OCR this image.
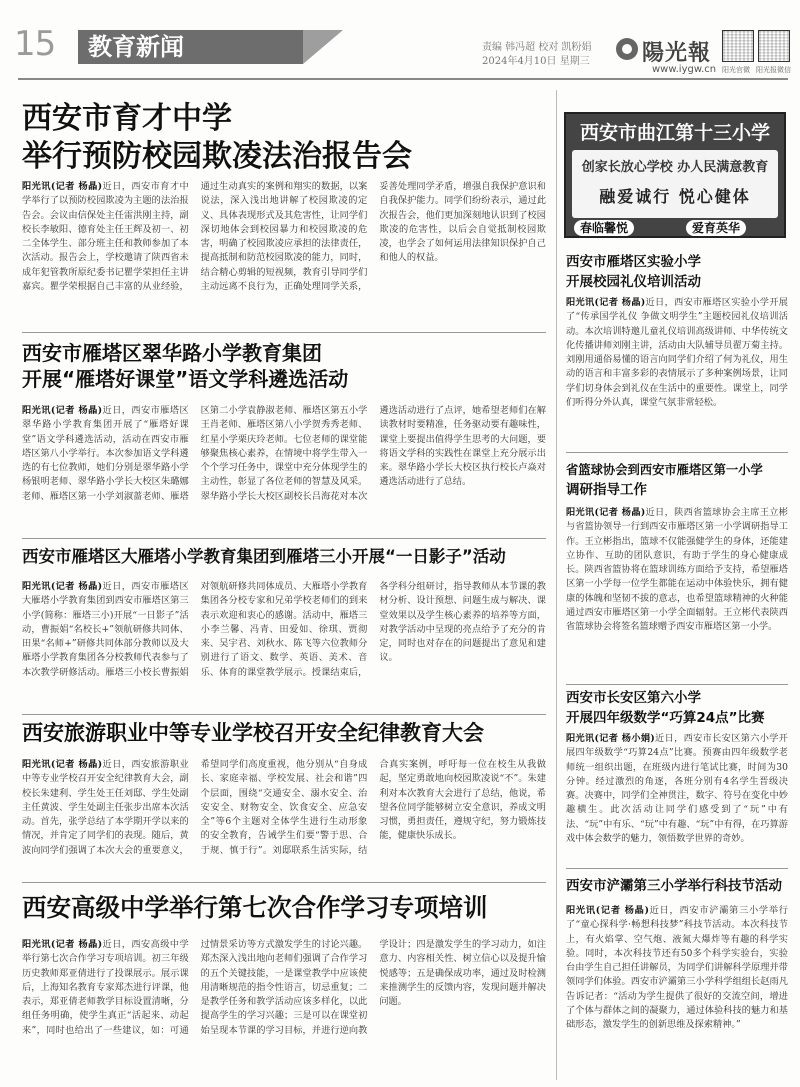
15	教育新闻	责编 韩冯超 校对 凯粉娟
2024年4月10日 星期三 陽光報
www.iygw.cn 阳光官微 阳光报微信
西安市育才中学
举行预防校园欺凌法治报告会
阳光讯(记者 杨晶)近日，西安市育才中学举行了以预防校园欺凌为主题的法治报告会。会议由信保处主任雷洪刚主持，副校长李敏阳、德育处主任王辉及初一、初二全体学生、部分班主任和教师参加了本次活动。报告会上，学校邀请了陕西省未成年犯管教所原纪委书记瞿学荣担任主讲嘉宾。瞿学荣根据自己丰富的从业经验，通过生动真实的案例和翔实的数据，以案说法，深入浅出地讲解了校园欺凌的定义、具体表现形式及其危害性，让同学们深切地体会到校园暴力和校园欺凌的危害，明确了校园欺凌应承担的法律责任，提高抵制和防范校园欺凌的能力，同时，结合精心剪辑的短视频，教育引导同学们主动远离不良行为，正确处理同学关系，妥善处理同学矛盾，增强自我保护意识和自我保护能力。同学们纷纷表示，通过此次报告会，他们更加深刻地认识到了校园欺凌的危害性，以后会自觉抵制校园欺凌，也学会了如何运用法律知识保护自己和他人的权益。
西安市雁塔区翠华路小学教育集团
开展“雁塔好课堂”语文学科遴选活动
阳光讯(记者 杨晶)近日，西安市雁塔区翠华路小学教育集团开展了“雁塔好课堂”语文学科遴选活动，活动在西安市雁塔区第八小学举行。本次参加语文学科遴选的有七位教师，她们分别是翠华路小学杨银明老师、翠华路小学长大校区朱璐娜老师、雁塔区第一小学刘淑蔷老师、雁塔区第二小学袁静淑老师、雁塔区第五小学王肖老师、雁塔区第八小学贺秀秀老师、红星小学栗庆玲老师。七位老师的课堂能够聚焦核心素养，在情境中将学生带入一个个学习任务中，课堂中充分体现学生的主动性，彰显了各位老师的智慧及风采。翠华路小学长大校区副校长吕海花对本次遴选活动进行了点评，她希望老师们在解读教材时要精准，任务驱动要有趣味性，课堂上要提出值得学生思考的大问题，要将语文学科的实践性在课堂上充分展示出来。翠华路小学长大校区执行校长卢焱对遴选活动进行了总结。
西安市雁塔区大雁塔小学教育集团到雁塔三小开展“一日影子”活动
阳光讯(记者 杨晶)近日，西安市雁塔区大雁塔小学教育集团到西安市雁塔区第三小学(简称：雁塔三小)开展“一日影子”活动，曹振娟“名校长+”领航研修共同体、田果“名师+”研修共同体部分教师以及大雁塔小学教育集团各分校教师代表参与了本次教学研修活动。雁塔三小校长曹振娟对领航研修共同体成员、大雁塔小学教育集团各分校专家和兄弟学校老师们的到来表示欢迎和衷心的感谢。活动中，雁塔三小李兰馨、冯青、田爱如、徐琪、贾彻来、吴宇君、刘秋水、陈飞等六位教师分别进行了语文、数学、英语、美术、音乐、体育的课堂教学展示。授课结束后，各学科分组研讨，指导教师从本节课的教材分析、设计预想、问题生成与解决、课堂效果以及学生核心素养的培养等方面，对教学活动中呈现的亮点给予了充分的肯定，同时也对存在的问题提出了意见和建议。
西安旅游职业中等专业学校召开安全纪律教育大会
阳光讯(记者 杨晶)近日，西安旅游职业中等专业学校召开安全纪律教育大会，副校长朱建利、学生处王任刘邸、学生处副主任黄波、学生处副主任张步出席本次活动。首先，张学总结了本学期开学以来的情况，并肯定了同学们的表现。随后，黄波向同学们强调了本次大会的重要意义，希望同学们高度重视，他分别从“自身成长、家庭幸福、学校发展、社会和谐”四个层面，围绕“交通安全、溺水安全、治安安全、财物安全、饮食安全、应急安全”等6个主题对全体学生进行生动形象的安全教育，告诫学生们要“警于思、合于规、慎于行”。刘邸联系生活实际，结合真实案例，呼吁每一位在校生从我做起，坚定勇敢地向校园欺凌说“不”。朱建利对本次教育大会进行了总结，他说，希望各位同学能够树立安全意识，养成文明习惯，勇担责任，遵规守纪，努力锻炼技能，健康快乐成长。
西安高级中学举行第七次合作学习专项培训
阳光讯(记者 杨晶)近日，西安高级中学举行第七次合作学习专项培训。初三年级历史教师郑亚倩进行了投课展示。展示课后，上海知名教育专家郑杰进行评课，他表示，郑亚倩老师教学目标设置清晰，分组任务明确，使学生真正“活起来、动起来”，同时也给出了一些建议，如：可通过情景采访等方式激发学生的讨论兴趣。郑杰深入浅出地向老师们强调了合作学习的五个关键技能，一是课堂教学中应该使用清晰规范的指令性语言，切忌重复；二是教学任务和教学活动应该多样化，以此提高学生的学习兴趣；三是可以在课堂初始呈现本节课的学习目标，并进行逆向教学设计；四是激发学生的学习动力，如注意力、内容相关性、树立信心以及提升愉悦感等；五是确保成功率，通过及时检测来推测学生的反馈内容，发现问题并解决问题。
西安市曲江第十三小学
创家长放心学校 办人民满意教育
融爱诚行 悦心健体
春临馨悦	爱育英华
西安市雁塔区实验小学
开展校园礼仪培训活动
阳光讯(记者 杨晶)近日，西安市雁塔区实验小学开展了“传承国学礼仪 争做文明学生”主题校园礼仪培训活动。本次培训特邀儿童礼仪培训高级讲师、中华传统文化传播讲师刘刚主讲，活动由大队辅导员翟万菊主持。刘刚用通俗易懂的语言向同学们介绍了何为礼仪，用生动的语言和丰富多彩的表情展示了多种案例场景，让同学们切身体会到礼仪在生活中的重要性。课堂上，同学们听得分外认真，课堂气氛非常轻松。
省篮球协会到西安市雁塔区第一小学
调研指导工作
阳光讯(记者 杨晶)近日，陕西省篮球协会主席王立彬与省篮协领导一行到西安市雁塔区第一小学调研指导工作。王立彬指出，篮球不仅能强健学生的身体，还能建立协作、互助的团队意识，有助于学生的身心健康成长。陕西省篮协将在篮球训练方面给予支持，希望雁塔区第一小学每一位学生都能在运动中体验快乐，拥有健康的体魄和坚韧不拔的意志，也希望篮球精神的火种能通过西安市雁塔区第一小学全面辐射。王立彬代表陕西省篮球协会将签名篮球赠予西安市雁塔区第一小学。
西安市长安区第六小学
开展四年级数学“巧算24点”比赛
阳光讯(记者 杨小娟)近日，西安市长安区第六小学开展四年级数学“巧算24点”比赛。预赛由四年级数学老师统一组织出题，在班级内进行笔试比赛，时间为30分钟。经过激烈的角逐，各班分别有4名学生晋级决赛。决赛中，同学们全神贯注，数字、符号在变化中妙趣横生。此次活动让同学们感受到了“玩”中有法、“玩”中有乐、“玩”中有趣、“玩”中有得，在巧算游戏中体会数学的魅力，领悟数学世界的奇妙。
西安市浐灞第三小学举行科技节活动
阳光讯(记者 杨晶)近日，西安市浐灞第三小学举行了“童心探科学·畅想科技梦”科技节活动。本次科技节上，有火焰掌、空气炮、液氮大爆炸等有趣的科学实验。同时，本次科技节还有50多个科学实验台，实验台由学生自己担任讲解员，为同学们讲解科学原理并带领同学们体验。西安市浐灞第三小学科学组组长赵雨凡告诉记者：“活动为学生提供了很好的交流空间，增进了个体与群体之间的凝聚力，通过体验科技的魅力和基础形态，激发学生的创新思维及探索精神。”
